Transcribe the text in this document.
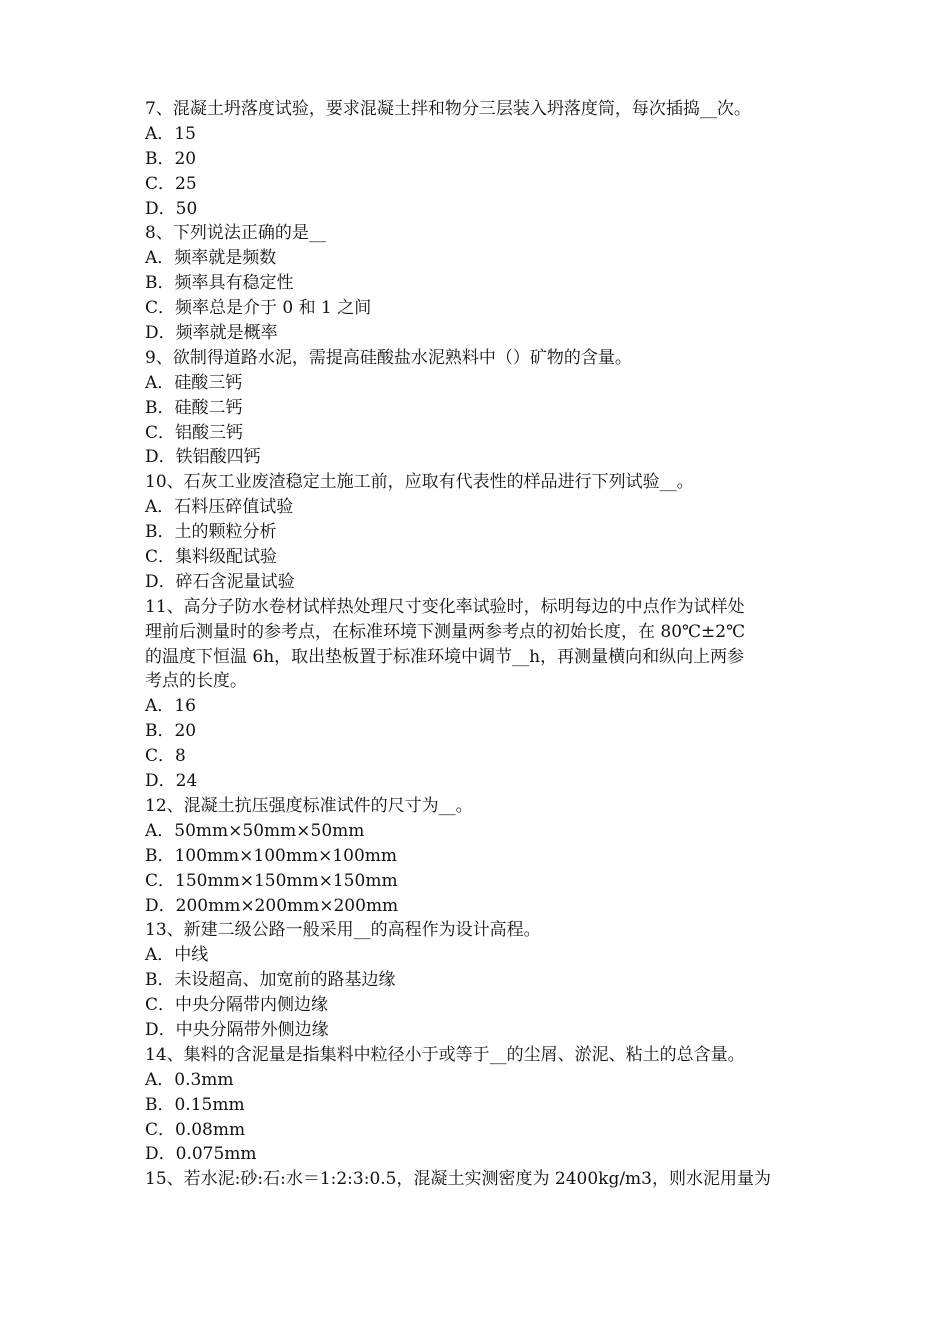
7、混凝土坍落度试验，要求混凝土拌和物分三层装入坍落度筒，每次插捣__次。
A．15
B．20
C．25
D．50
8、下列说法正确的是__
A．频率就是频数
B．频率具有稳定性
C．频率总是介于 0 和 1 之间
D．频率就是概率
9、欲制得道路水泥，需提高硅酸盐水泥熟料中（）矿物的含量。
A．硅酸三钙
B．硅酸二钙
C．铝酸三钙
D．铁铝酸四钙
10、石灰工业废渣稳定土施工前，应取有代表性的样品进行下列试验__。
A．石料压碎值试验
B．土的颗粒分析
C．集料级配试验
D．碎石含泥量试验
11、高分子防水卷材试样热处理尺寸变化率试验时，标明每边的中点作为试样处
理前后测量时的参考点，在标准环境下测量两参考点的初始长度，在 80℃±2℃
的温度下恒温 6h，取出垫板置于标准环境中调节__h，再测量横向和纵向上两参
考点的长度。
A．16
B．20
C．8
D．24
12、混凝土抗压强度标准试件的尺寸为__。
A．50mm×50mm×50mm
B．100mm×100mm×100mm
C．150mm×150mm×150mm
D．200mm×200mm×200mm
13、新建二级公路一般采用__的高程作为设计高程。
A．中线
B．未设超高、加宽前的路基边缘
C．中央分隔带内侧边缘
D．中央分隔带外侧边缘
14、集料的含泥量是指集料中粒径小于或等于__的尘屑、淤泥、粘土的总含量。
A．0.3mm
B．0.15mm
C．0.08mm
D．0.075mm
15、若水泥:砂:石:水＝1:2:3:0.5，混凝土实测密度为 2400kg/m3，则水泥用量为
